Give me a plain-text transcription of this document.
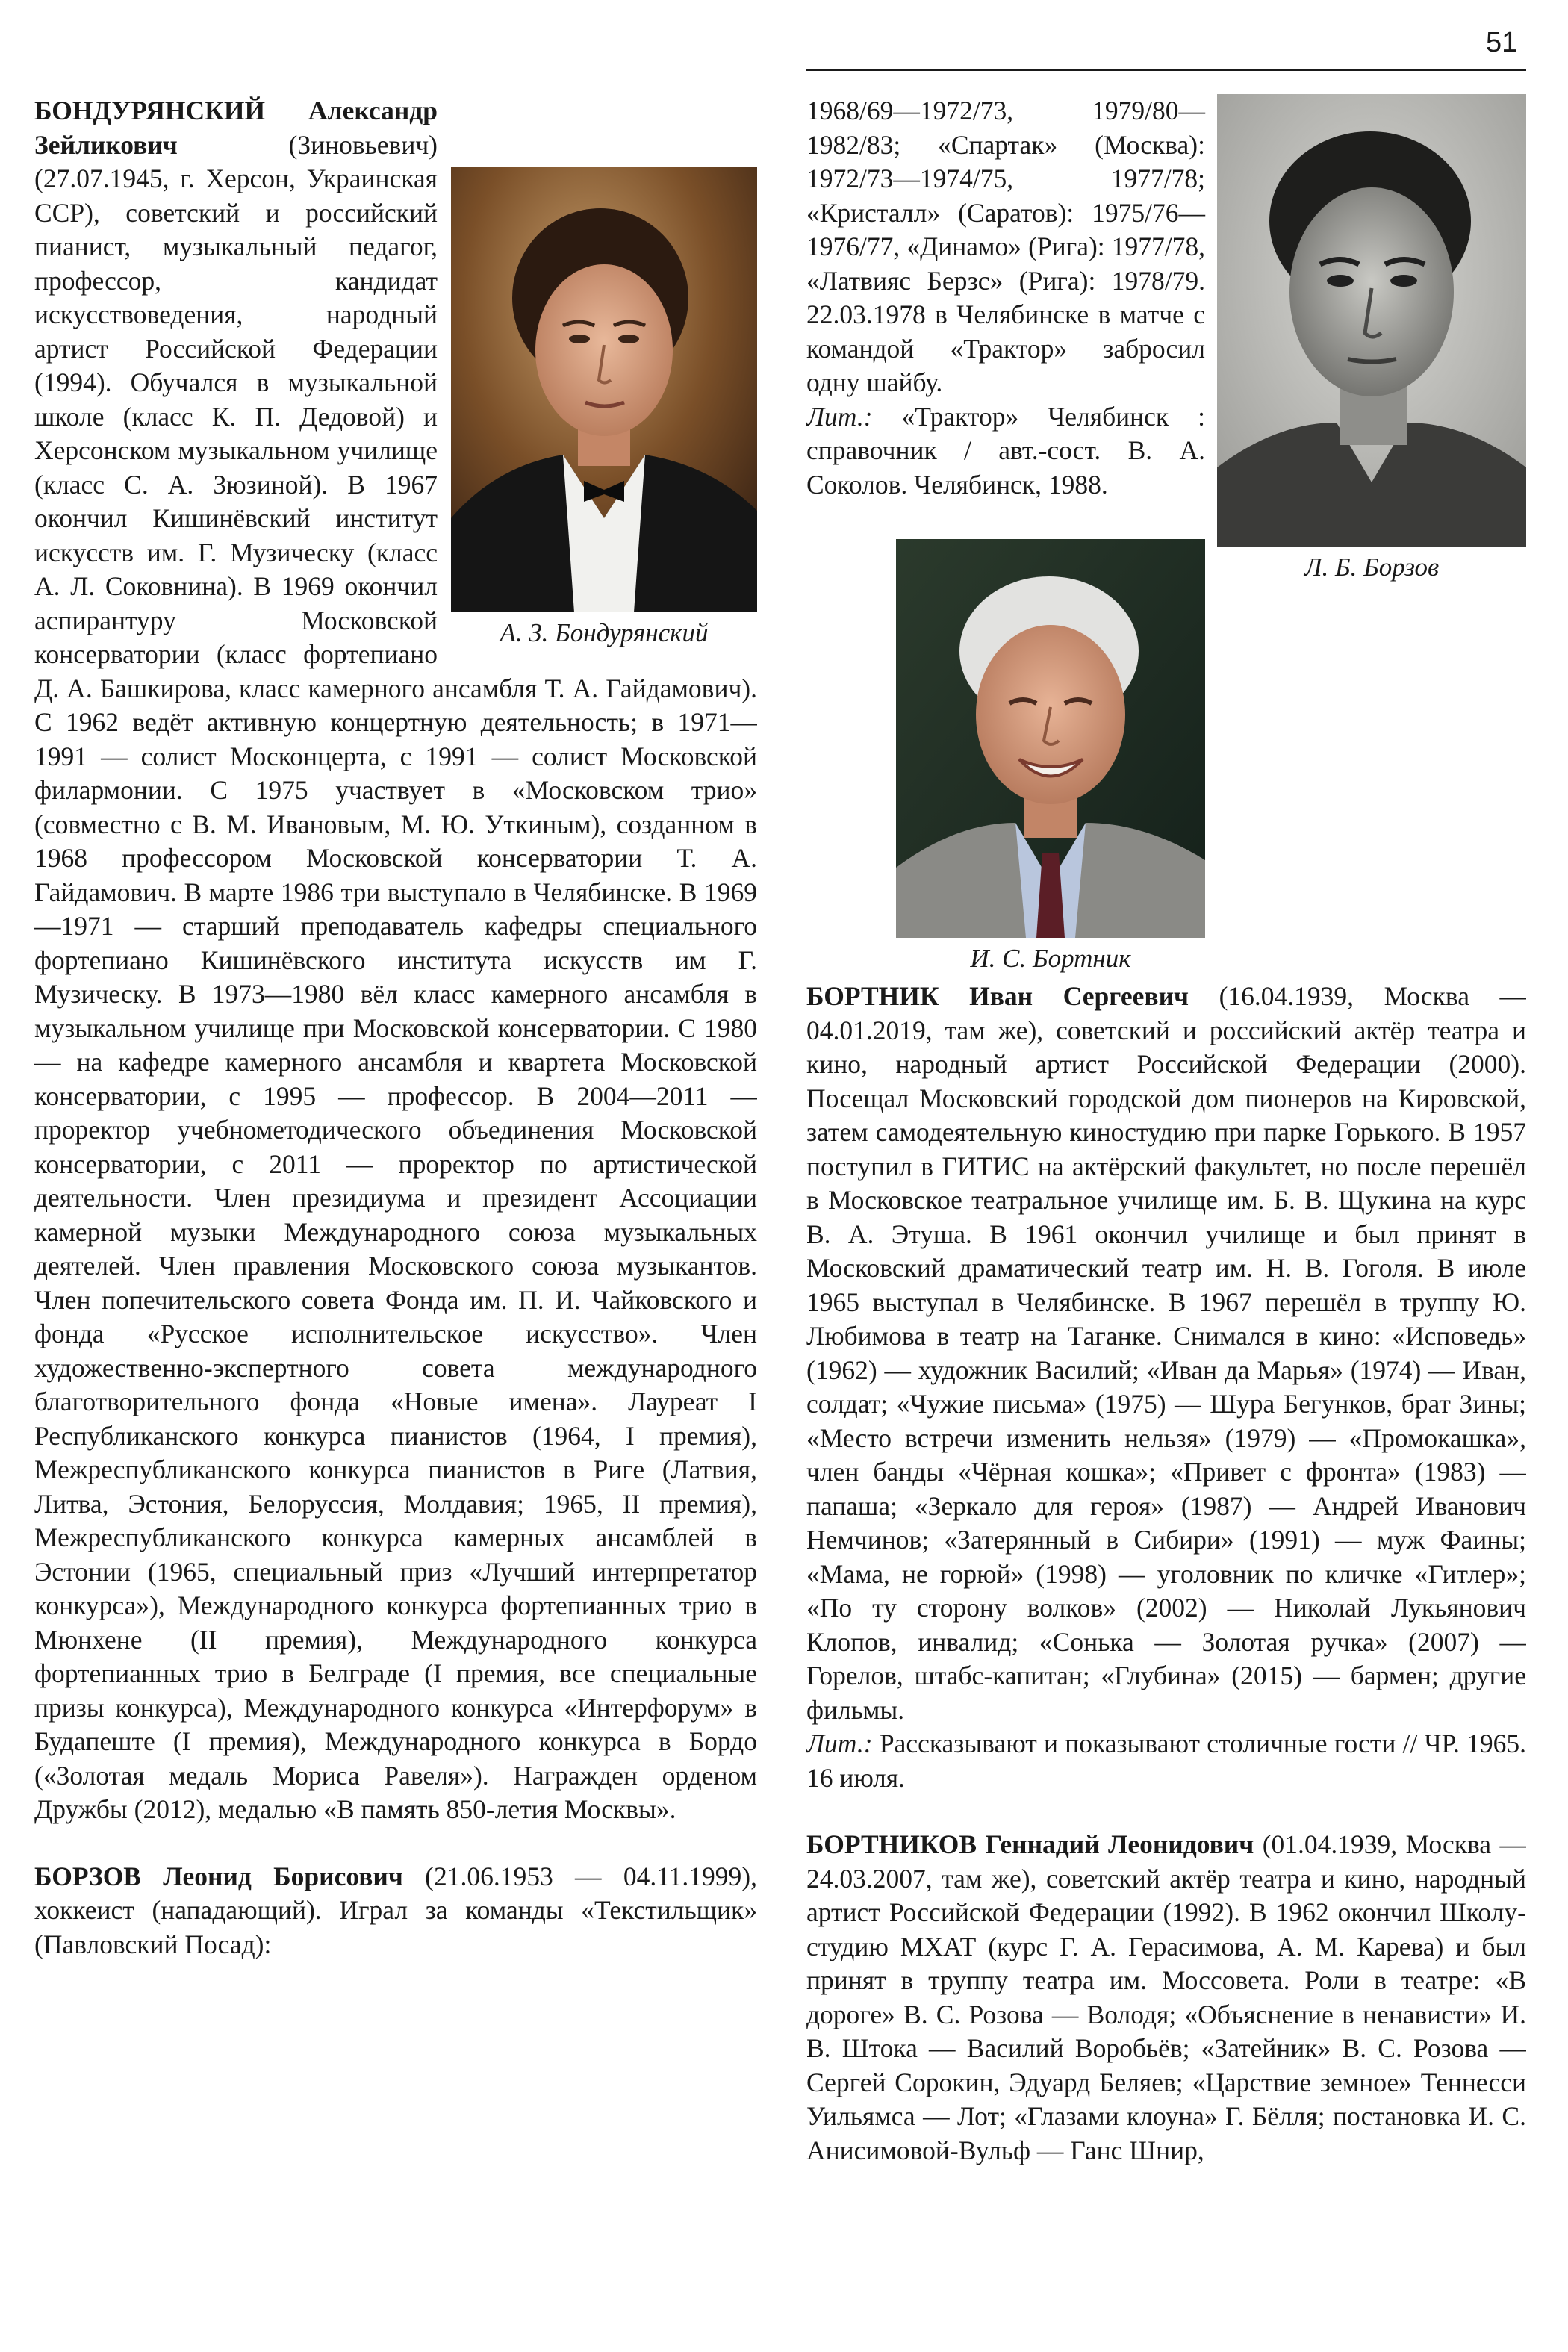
51
А. З. Бондурянский

БОНДУРЯНСКИЙ Александр Зейликович (Зиновьевич) (27.07.1945, г. Херсон, Украинская ССР), советский и российский пианист, музыкальный педагог, профессор, кандидат искусствоведения, народный артист Российской Федерации (1994). Обучался в музыкальной школе (класс К. П. Дедовой) и Херсонском музыкальном училище (класс С. А. Зюзиной). В 1967 окончил Кишинёвский институт искусств им. Г. Музическу (класс А. Л. Соковнина). В 1969 окончил аспирантуру Московской консерватории (класс фортепиано Д. А. Башкирова, класс камерного ансамбля Т. А. Гайдамович). С 1962 ведёт активную концертную деятельность; в 1971—1991 — солист Москонцерта, с 1991 — солист Московской филармонии. С 1975 участвует в «Московском трио» (совместно с В. М. Ивановым, М. Ю. Уткиным), созданном в 1968 профессором Московской консерватории Т. А. Гайдамович. В марте 1986 три выступало в Челябинске. В 1969—1971 — старший преподаватель кафедры специального фортепиано Кишинёвского института искусств им Г. Музическу. В 1973—1980 вёл класс камерного ансамбля в музыкальном училище при Московской консерватории. С 1980 — на кафедре камерного ансамбля и квартета Московской консерватории, с 1995 — профессор. В 2004—2011 — проректор учебнометодического объединения Московской консерватории, с 2011 — проректор по артистической деятельности. Член президиума и президент Ассоциации камерной музыки Международного союза музыкальных деятелей. Член правления Московского союза музыкантов. Член попечительского совета Фонда им. П. И. Чайковского и фонда «Русское исполнительское искусство». Член художественно-экспертного совета международного благотворительного фонда «Новые имена». Лауреат I Республиканского конкурса пианистов (1964, I премия), Межреспубликанского конкурса пианистов в Риге (Латвия, Литва, Эстония, Белоруссия, Молдавия; 1965, II премия), Межреспубликанского конкурса камерных ансамблей в Эстонии (1965, специальный приз «Лучший интерпретатор конкурса»), Международного конкурса фортепианных трио в Мюнхене (II премия), Международного конкурса фортепианных трио в Белграде (I премия, все специальные призы конкурса), Международного конкурса «Интерфорум» в Будапеште (I премия), Международного конкурса в Бордо («Золотая медаль Мориса Равеля»). Награжден орденом Дружбы (2012), медалью «В память 850-летия Москвы».

БОРЗОВ Леонид Борисович (21.06.1953 — 04.11.1999), хоккеист (нападающий). Играл за команды «Текстильщик» (Павловский Посад):

Л. Б. Борзов

1968/69—1972/73, 1979/80—1982/83; «Спартак» (Москва): 1972/73—1974/75, 1977/78; «Кристалл» (Саратов): 1975/76—1976/77, «Динамо» (Рига): 1977/78, «Латвияс Берзс» (Рига): 1978/79. 22.03.1978 в Челябинске в матче с командой «Трактор» забросил одну шайбу.

Лит.: «Трактор» Челябинск : справочник / авт.-сост. В. А. Соколов. Челябинск, 1988.

И. С. Бортник

БОРТНИК Иван Сергеевич (16.04.1939, Москва — 04.01.2019, там же), советский и российский актёр театра и кино, народный артист Российской Федерации (2000). Посещал Московский городской дом пионеров на Кировской, затем самодеятельную киностудию при парке Горького. В 1957 поступил в ГИТИС на актёрский факультет, но после перешёл в Московское театральное училище им. Б. В. Щукина на курс В. А. Этуша. В 1961 окончил училище и был принят в Московский драматический театр им. Н. В. Гоголя. В июле 1965 выступал в Челябинске. В 1967 перешёл в труппу Ю. Любимова в театр на Таганке. Снимался в кино: «Исповедь» (1962) — художник Василий; «Иван да Марья» (1974) — Иван, солдат; «Чужие письма» (1975) — Шура Бегунков, брат Зины; «Место встречи изменить нельзя» (1979) — «Промокашка», член банды «Чёрная кошка»; «Привет с фронта» (1983) — папаша; «Зеркало для героя» (1987) — Андрей Иванович Немчинов; «Затерянный в Сибири» (1991) — муж Фаины; «Мама, не горюй» (1998) — уголовник по кличке «Гитлер»; «По ту сторону волков» (2002) — Николай Лукьянович Клопов, инвалид; «Сонька — Золотая ручка» (2007) — Горелов, штабс-капитан; «Глубина» (2015) — бармен; другие фильмы.

Лит.: Рассказывают и показывают столичные гости // ЧР. 1965. 16 июля.

БОРТНИКОВ Геннадий Леонидович (01.04.1939, Москва — 24.03.2007, там же), советский актёр театра и кино, народный артист Российской Федерации (1992). В 1962 окончил Школу-студию МХАТ (курс Г. А. Герасимова, А. М. Карева) и был принят в труппу театра им. Моссовета. Роли в театре: «В дороге» В. С. Розова — Володя; «Объяснение в ненависти» И. В. Штока — Василий Воробьёв; «Затейник» В. С. Розова — Сергей Сорокин, Эдуард Беляев; «Царствие земное» Теннесси Уильямса — Лот; «Глазами клоуна» Г. Бёлля; постановка И. С. Анисимовой-Вульф — Ганс Шнир,
